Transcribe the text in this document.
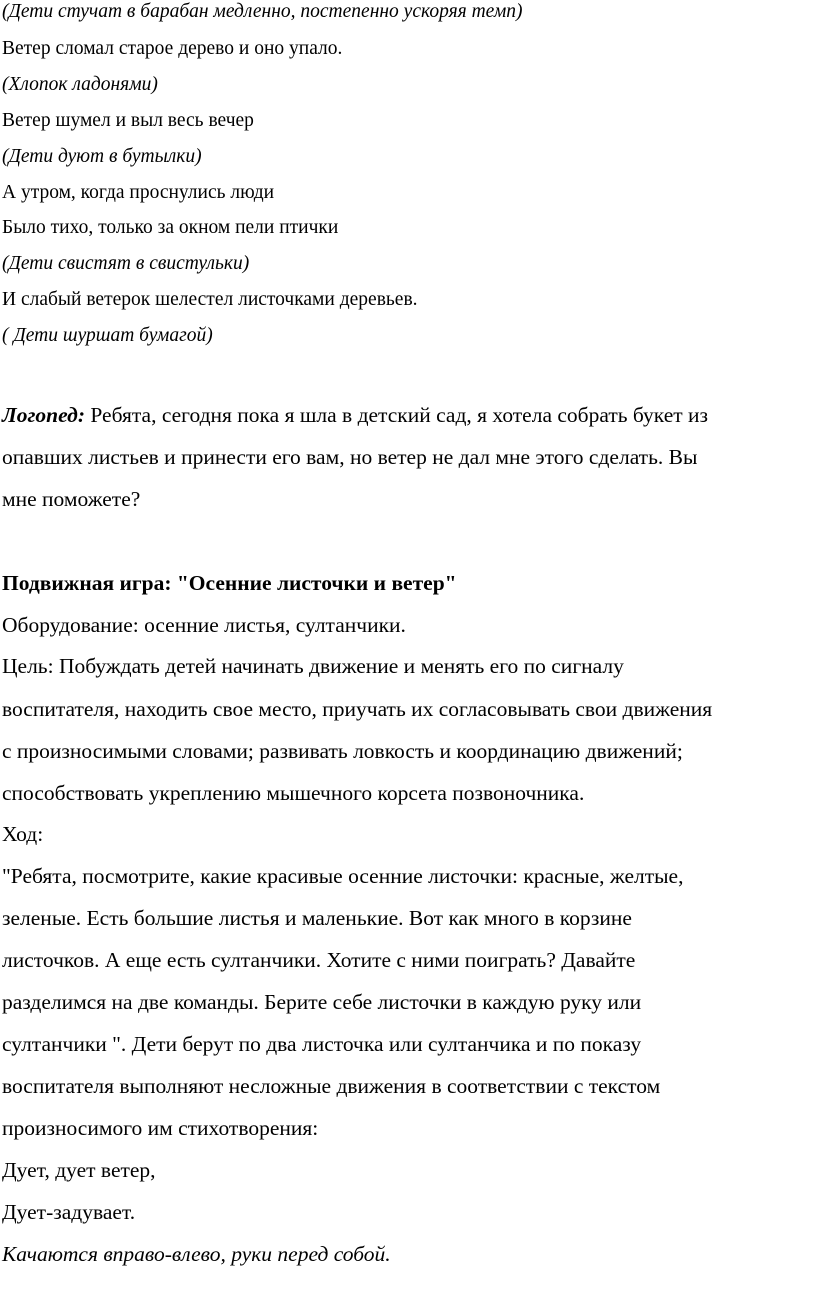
(Дети стучат в барабан медленно, постепенно ускоряя темп)
Ветер сломал старое дерево и оно упало.
(Хлопок ладонями)
Ветер шумел и выл весь вечер
(Дети дуют в бутылки)
А утром, когда проснулись люди
Было тихо, только за окном пели птички
(Дети свистят в свистульки)
И слабый ветерок шелестел листочками деревьев.
( Дети шуршат бумагой)
Логопед: Ребята, сегодня пока я шла в детский сад, я хотела собрать букет из
опавших листьев и принести его вам, но ветер не дал мне этого сделать. Вы
мне поможете?
Подвижная игра: "Осенние листочки и ветер"
Оборудование: осенние листья, султанчики.
Цель: Побуждать детей начинать движение и менять его по сигналу
воспитателя, находить свое место, приучать их согласовывать свои движения
с произносимыми словами; развивать ловкость и координацию движений;
способствовать укреплению мышечного корсета позвоночника.
Ход:
"Ребята, посмотрите, какие красивые осенние листочки: красные, желтые,
зеленые. Есть большие листья и маленькие. Вот как много в корзине
листочков. А еще есть султанчики. Хотите с ними поиграть? Давайте
разделимся на две команды. Берите себе листочки в каждую руку или
султанчики ". Дети берут по два листочка или султанчика и по показу
воспитателя выполняют несложные движения в соответствии с текстом
произносимого им стихотворения:
Дует, дует ветер,
Дует-задувает.
Качаются вправо-влево, руки перед собой.
